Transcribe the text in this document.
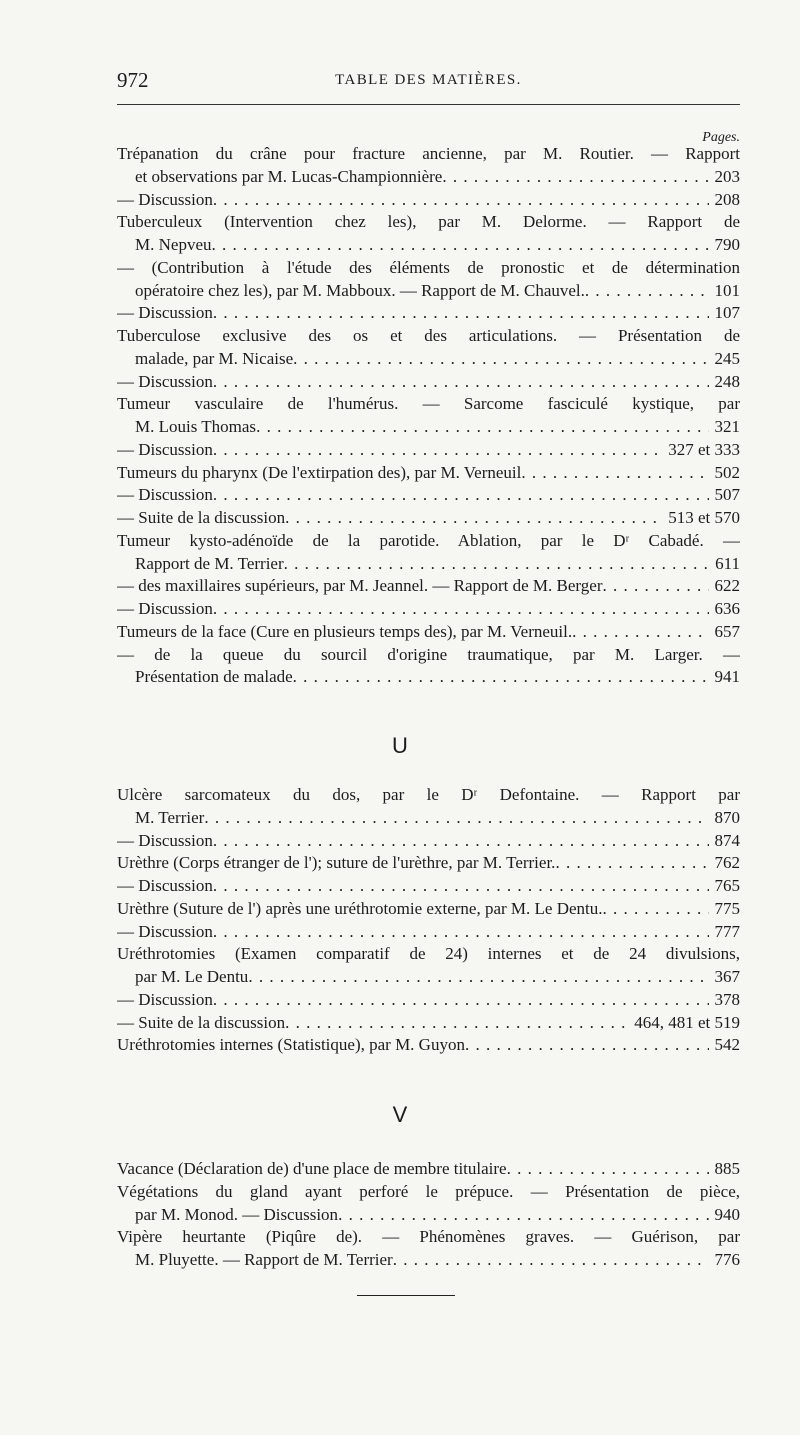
972	TABLE DES MATIÈRES.
Pages.
Trépanation du crâne pour fracture ancienne, par M. Routier. — Rapport
et observations par M. Lucas-Championnière	203
. . .
— Discussion	208
. . .
Tuberculeux (Intervention chez les), par M. Delorme. — Rapport de
M. Nepveu	790
. . .
— (Contribution à l'étude des éléments de pronostic et de détermination
opératoire chez les), par M. Mabboux. — Rapport de M. Chauvel.	101
. . .
— Discussion	107
. . .
Tuberculose exclusive des os et des articulations. — Présentation de
malade, par M. Nicaise	245
. . .
— Discussion	248
. . .
Tumeur vasculaire de l'humérus. — Sarcome fasciculé kystique, par
M. Louis Thomas	321
. . .
— Discussion	327 et 333
. . .
Tumeurs du pharynx (De l'extirpation des), par M. Verneuil	502
. . .
— Discussion	507
. . .
— Suite de la discussion	513 et 570
. . .
Tumeur kysto-adénoïde de la parotide. Ablation, par le Dʳ Cabadé. —
Rapport de M. Terrier	611
. . .
— des maxillaires supérieurs, par M. Jeannel. — Rapport de M. Berger	622
. . .
— Discussion	636
. . .
Tumeurs de la face (Cure en plusieurs temps des), par M. Verneuil.	657
. . .
— de la queue du sourcil d'origine traumatique, par M. Larger. —
Présentation de malade	941
. . .
U
Ulcère sarcomateux du dos, par le Dʳ Defontaine. — Rapport par
M. Terrier	870
. . .
— Discussion	874
. . .
Urèthre (Corps étranger de l'); suture de l'urèthre, par M. Terrier.	762
. . .
— Discussion	765
. . .
Urèthre (Suture de l') après une uréthrotomie externe, par M. Le Dentu.	775
. . .
— Discussion	777
. . .
Uréthrotomies (Examen comparatif de 24) internes et de 24 divulsions,
par M. Le Dentu	367
. . .
— Discussion	378
. . .
— Suite de la discussion	464, 481 et 519
. . .
Uréthrotomies internes (Statistique), par M. Guyon	542
. . .
V
Vacance (Déclaration de) d'une place de membre titulaire	885
. . .
Végétations du gland ayant perforé le prépuce. — Présentation de pièce,
par M. Monod. — Discussion	940
. . .
Vipère heurtante (Piqûre de). — Phénomènes graves. — Guérison, par
M. Pluyette. — Rapport de M. Terrier	776
. . .
